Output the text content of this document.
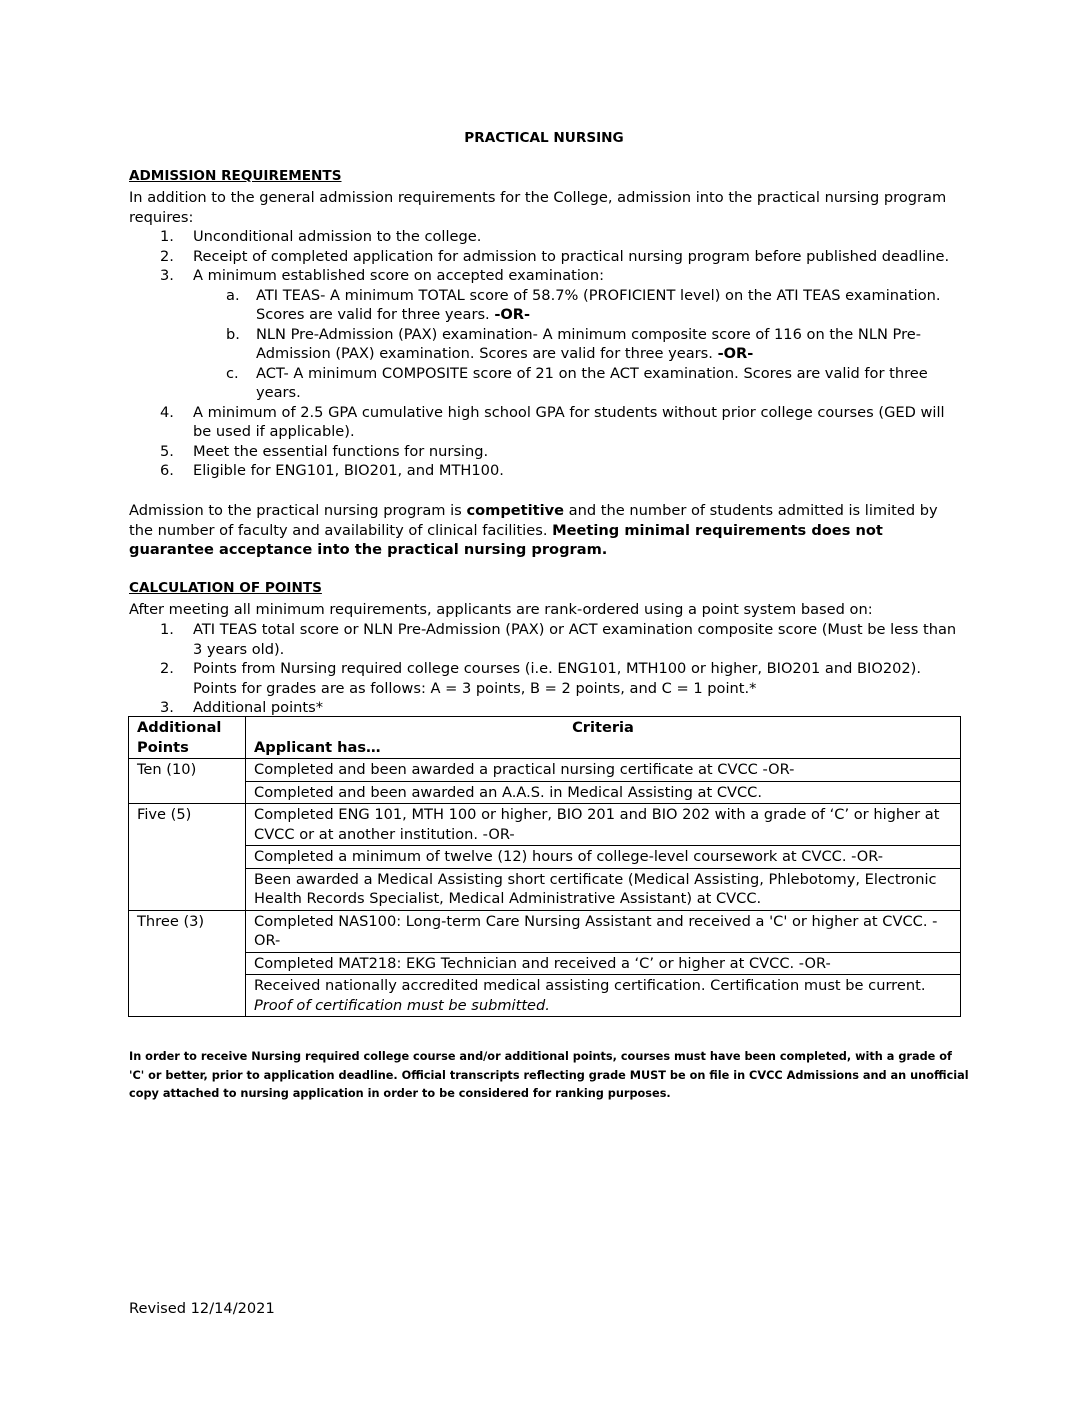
PRACTICAL NURSING
ADMISSION REQUIREMENTS

In addition to the general admission requirements for the College, admission into the practical nursing program requires:

1. Unconditional admission to the college.
2. Receipt of completed application for admission to practical nursing program before published deadline.
3. A minimum established score on accepted examination:
a. ATI TEAS- A minimum TOTAL score of 58.7% (PROFICIENT level) on the ATI TEAS examination. Scores are valid for three years. -OR-
b. NLN Pre-Admission (PAX) examination- A minimum composite score of 116 on the NLN Pre-Admission (PAX) examination. Scores are valid for three years. -OR-
c. ACT- A minimum COMPOSITE score of 21 on the ACT examination. Scores are valid for three years.
4. A minimum of 2.5 GPA cumulative high school GPA for students without prior college courses (GED will be used if applicable).
5. Meet the essential functions for nursing.
6. Eligible for ENG101, BIO201, and MTH100.

Admission to the practical nursing program is competitive and the number of students admitted is limited by the number of faculty and availability of clinical facilities. Meeting minimal requirements does not guarantee acceptance into the practical nursing program.

CALCULATION OF POINTS

After meeting all minimum requirements, applicants are rank-ordered using a point system based on:

1. ATI TEAS total score or NLN Pre-Admission (PAX) or ACT examination composite score (Must be less than 3 years old).
2. Points from Nursing required college courses (i.e. ENG101, MTH100 or higher, BIO201 and BIO202). Points for grades are as follows: A = 3 points, B = 2 points, and C = 1 point.*
3. Additional points*
Additional Points	Criteria
Applicant has…

Ten (10)	Completed and been awarded a practical nursing certificate at CVCC -OR-
	Completed and been awarded an A.A.S. in Medical Assisting at CVCC.
Five (5)	Completed ENG 101, MTH 100 or higher, BIO 201 and BIO 202 with a grade of ‘C’ or higher at CVCC or at another institution. -OR-
	Completed a minimum of twelve (12) hours of college-level coursework at CVCC. -OR-
	Been awarded a Medical Assisting short certificate (Medical Assisting, Phlebotomy, Electronic Health Records Specialist, Medical Administrative Assistant) at CVCC.
Three (3)	Completed NAS100: Long-term Care Nursing Assistant and received a 'C' or higher at CVCC. -OR-
	Completed MAT218: EKG Technician and received a ‘C’ or higher at CVCC. -OR-
	Received nationally accredited medical assisting certification. Certification must be current. Proof of certification must be submitted.

In order to receive Nursing required college course and/or additional points, courses must have been completed, with a grade of 'C' or better, prior to application deadline. Official transcripts reflecting grade MUST be on file in CVCC Admissions and an unofficial copy attached to nursing application in order to be considered for ranking purposes.

Revised 12/14/2021
